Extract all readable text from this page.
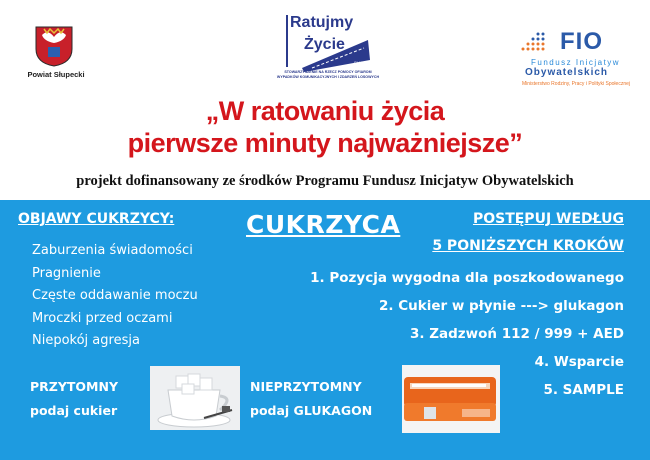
Powiat Słupecki
SŁUPCA
Ratujmy
Życie
STOWARZYSZENIE NA RZECZ POMOCY OFIAROM WYPADKÓW KOMUNIKACYJNYCH I ZDARZEŃ LOSOWYCH
FIO
Fundusz Inicjatyw
Obywatelskich
Ministerstwo Rodziny, Pracy i Polityki Społecznej
„W ratowaniu życia
pierwsze minuty najważniejsze”
projekt dofinansowany ze środków Programu Fundusz Inicjatyw Obywatelskich
OBJAWY CUKRZYCY:
Zaburzenia świadomości
Pragnienie
Częste oddawanie moczu
Mroczki przed oczami
Niepokój agresja
CUKRZYCA	POSTĘPUJ WEDŁUG
5 PONIŻSZYCH KROKÓW
1. Pozycja wygodna dla poszkodowanego
2. Cukier w płynie ---> glukagon
3. Zadzwoń 112 / 999 + AED
4. Wsparcie
5. SAMPLE
PRZYTOMNY
podaj cukier
NIEPRZYTOMNY
podaj GLUKAGON
